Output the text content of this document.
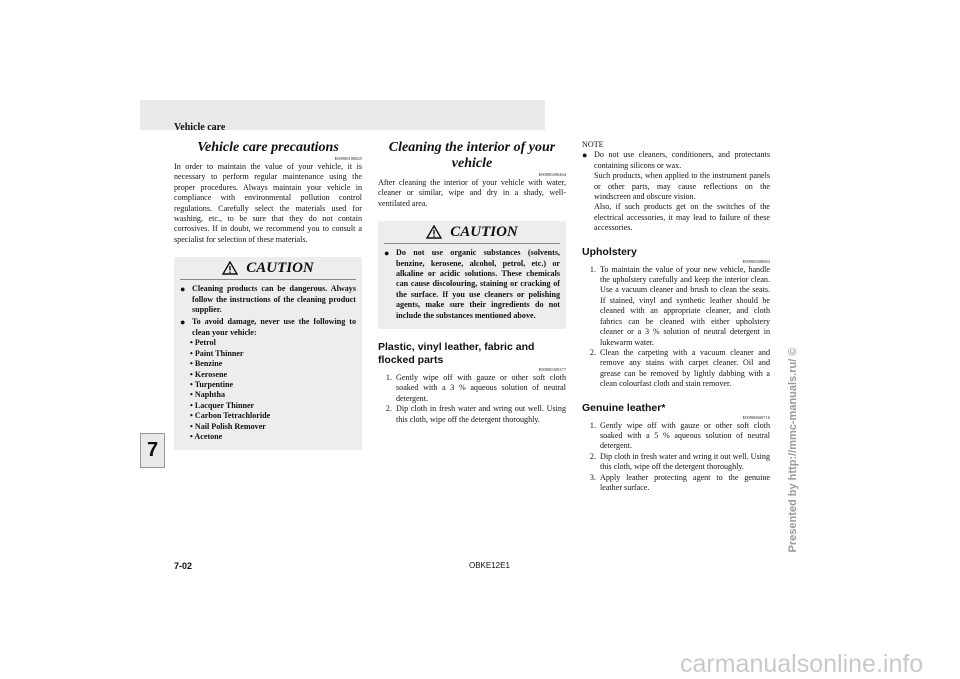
Vehicle care
Vehicle care precautions
E00900100825
In order to maintain the value of your vehicle, it is necessary to perform regular maintenance using the proper procedures. Always maintain your vehicle in compliance with environmental pollution control regulations. Carefully select the materials used for washing, etc., to be sure that they do not contain corrosives. If in doubt, we recommend you to consult a specialist for selection of these materials.
CAUTION
● Cleaning products can be dangerous. Always follow the instructions of the cleaning product supplier.
● To avoid damage, never use the following to clean your vehicle:
• Petrol
• Paint Thinner
• Benzine
• Kerosene
• Turpentine
• Naphtha
• Lacquer Thinner
• Carbon Tetrachloride
• Nail Polish Remover
• Acetone
Cleaning the interior of your vehicle
E00900200464
After cleaning the interior of your vehicle with water, cleaner or similar, wipe and dry in a shady, well-ventilated area.
CAUTION
● Do not use organic substances (solvents, benzine, kerosene, alcohol, petrol, etc.) or alkaline or acidic solutions. These chemicals can cause discolouring, staining or cracking of the surface. If you use cleaners or polishing agents, make sure their ingredients do not include the substances mentioned above.
Plastic, vinyl leather, fabric and flocked parts
E00900300377
1. Gently wipe off with gauze or other soft cloth soaked with a 3 % aqueous solution of neutral detergent.
2. Dip cloth in fresh water and wring out well. Using this cloth, wipe off the detergent thoroughly.
NOTE
● Do not use cleaners, conditioners, and protectants containing silicons or wax.
Such products, when applied to the instrument panels or other parts, may cause reflections on the windscreen and obscure vision.
Also, if such products get on the switches of the electrical accessories, it may lead to failure of these accessories.
Upholstery
E00900500063
1. To maintain the value of your new vehicle, handle the upholstery carefully and keep the interior clean. Use a vacuum cleaner and brush to clean the seats. If stained, vinyl and synthetic leather should be cleaned with an appropriate cleaner, and cloth fabrics can be cleaned with either upholstery cleaner or a 3 % solution of neutral detergent in lukewarm water.
2. Clean the carpeting with a vacuum cleaner and remove any stains with carpet cleaner. Oil and grease can be removed by lightly dabbing with a clean colourfast cloth and stain remover.
Genuine leather*
E00900600716
1. Gently wipe off with gauze or other soft cloth soaked with a 5 % aqueous solution of neutral detergent.
2. Dip cloth in fresh water and wring it out well. Using this cloth, wipe off the detergent thoroughly.
3. Apply leather protecting agent to the genuine leather surface.
7
7-02	OBKE12E1
Presented by http://mmc-manuals.ru/ ©
carmanualsonline.info
